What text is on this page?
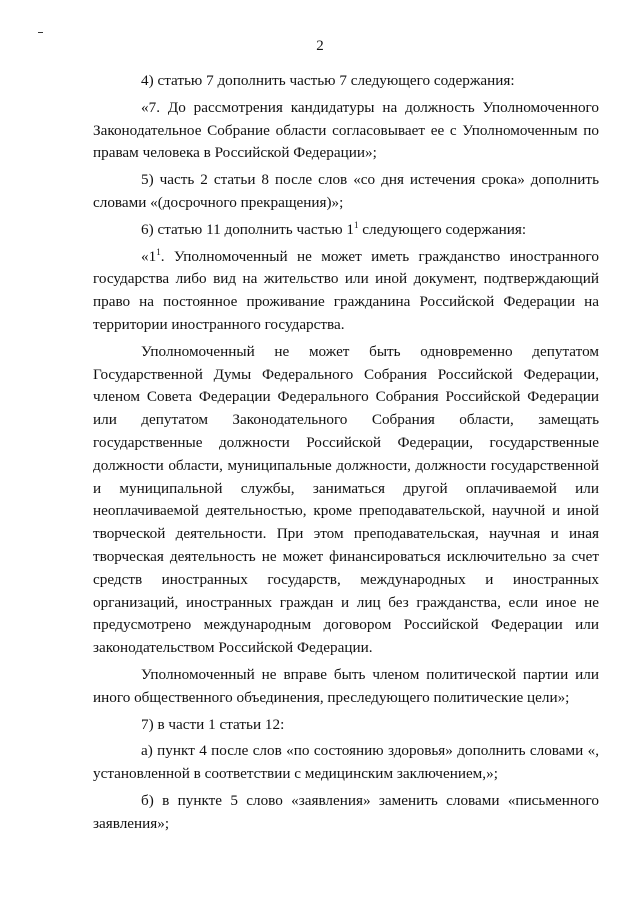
2

4) статью 7 дополнить частью 7 следующего содержания:

«7. До рассмотрения кандидатуры на должность Уполномоченного Законодательное Собрание области согласовывает ее с Уполномоченным по правам человека в Российской Федерации»;

5) часть 2 статьи 8 после слов «со дня истечения срока» дополнить словами «(досрочного прекращения)»;

6) статью 11 дополнить частью $1^1$ следующего содержания:

«$1^1$. Уполномоченный не может иметь гражданство иностранного государства либо вид на жительство или иной документ, подтверждающий право на постоянное проживание гражданина Российской Федерации на территории иностранного государства.

Уполномоченный не может быть одновременно депутатом Государственной Думы Федерального Собрания Российской Федерации, членом Совета Федерации Федерального Собрания Российской Федерации или депутатом Законодательного Собрания области, замещать государственные должности Российской Федерации, государственные должности области, муниципальные должности, должности государственной и муниципальной службы, заниматься другой оплачиваемой или неоплачиваемой деятельностью, кроме преподавательской, научной и иной творческой деятельности. При этом преподавательская, научная и иная творческая деятельность не может финансироваться исключительно за счет средств иностранных государств, международных и иностранных организаций, иностранных граждан и лиц без гражданства, если иное не предусмотрено международным договором Российской Федерации или законодательством Российской Федерации.

Уполномоченный не вправе быть членом политической партии или иного общественного объединения, преследующего политические цели»;

7) в части 1 статьи 12:

а) пункт 4 после слов «по состоянию здоровья» дополнить словами «, установленной в соответствии с медицинским заключением,»;

б) в пункте 5 слово «заявления» заменить словами «письменного заявления»;
